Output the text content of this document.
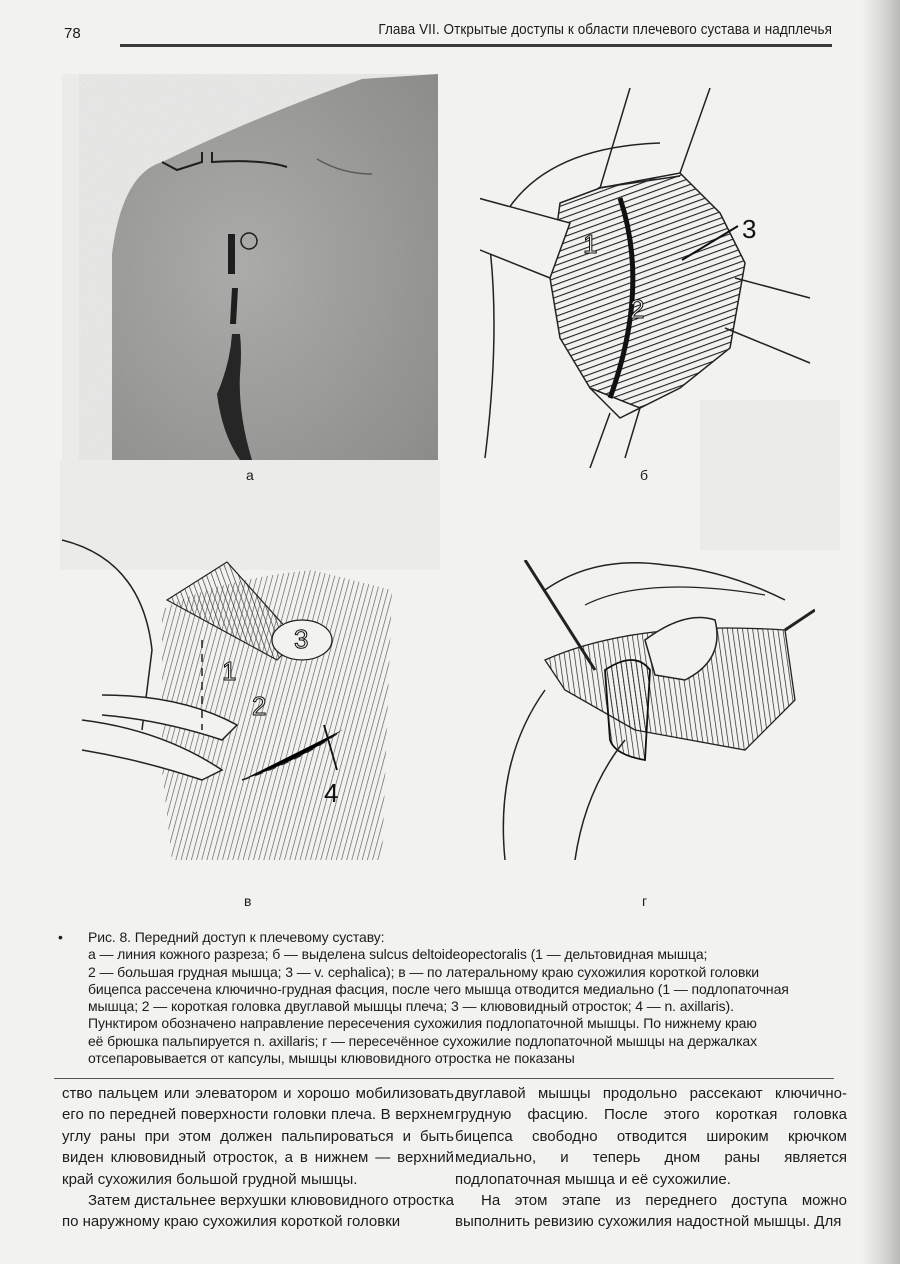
78	Глава VII. Открытые доступы к области плечевого сустава и надплечья
а
1
2
3
б
1
2
3
4
в	г
•	Рис. 8. Передний доступ к плечевому суставу:
а — линия кожного разреза; б — выделена sulcus deltoideopectoralis (1 — дельтовидная мышца;
2 — большая грудная мышца; 3 — v. cephalica); в — по латеральному краю сухожилия короткой головки
бицепса рассечена ключично-грудная фасция, после чего мышца отводится медиально (1 — подлопаточная
мышца; 2 — короткая головка двуглавой мышцы плеча; 3 — клювовидный отросток; 4 — n. axillaris).
Пунктиром обозначено направление пересечения сухожилия подлопаточной мышцы. По нижнему краю
её брюшка пальпируется n. axillaris; г — пересечённое сухожилие подлопаточной мышцы на держалках
отсепаровывается от капсулы, мышцы клювовидного отростка не показаны

ство пальцем или элеватором и хорошо мобилизовать его по передней поверхности головки плеча. В верхнем углу раны при этом должен пальпироваться и быть виден клювовидный отросток, а в нижнем — верхний край сухожилия большой грудной мышцы.

Затем дистальнее верхушки клювовидного отростка по наружному краю сухожилия короткой головки

двуглавой мышцы продольно рассекают ключично-грудную фасцию. После этого короткая головка бицепса свободно отводится широким крючком медиально, и теперь дном раны является подлопаточная мышца и её сухожилие.

На этом этапе из переднего доступа можно выполнить ревизию сухожилия надостной мышцы. Для
